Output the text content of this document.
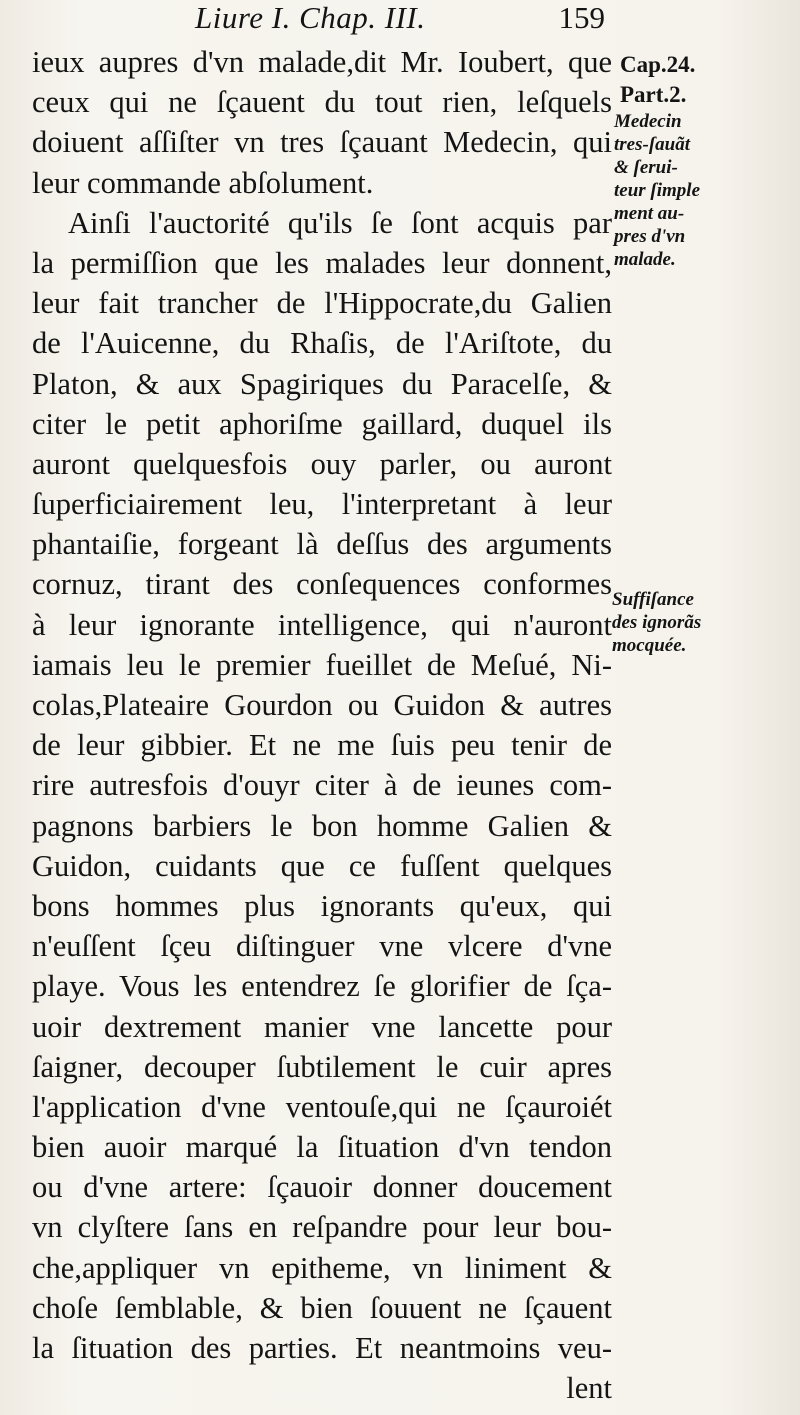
Liure I. Chap. III.	159
Cap.24.
Part.2.
Medecin
tres-ſauãt
& ſerui-
teur ſimple
ment au-
pres d'vn
malade.
Suffiſance
des ignorãs
mocquée.
ieux aupres d'vn malade,dit Mr. Ioubert, que
ceux qui ne ſçauent du tout rien, leſquels
doiuent aſſiſter vn tres ſçauant Medecin, qui
leur commande abſolument.
Ainſi l'auctorité qu'ils ſe ſont acquis par
la permiſſion que les malades leur donnent,
leur fait trancher de l'Hippocrate,du Galien
de l'Auicenne, du Rhaſis, de l'Ariſtote, du
Platon, & aux Spagiriques du Paracelſe, &
citer le petit aphoriſme gaillard, duquel ils
auront quelquesfois ouy parler, ou auront
ſuperficiairement leu, l'interpretant à leur
phantaiſie, forgeant là deſſus des arguments
cornuz, tirant des conſequences conformes
à leur ignorante intelligence, qui n'auront
iamais leu le premier fueillet de Meſué, Ni-
colas,Plateaire Gourdon ou Guidon & autres
de leur gibbier. Et ne me ſuis peu tenir de
rire autresfois d'ouyr citer à de ieunes com-
pagnons barbiers le bon homme Galien &
Guidon, cuidants que ce fuſſent quelques
bons hommes plus ignorants qu'eux, qui
n'euſſent ſçeu diſtinguer vne vlcere d'vne
playe. Vous les entendrez ſe glorifier de ſça-
uoir dextrement manier vne lancette pour
ſaigner, decouper ſubtilement le cuir apres
l'application d'vne ventouſe,qui ne ſçauroiét
bien auoir marqué la ſituation d'vn tendon
ou d'vne artere: ſçauoir donner doucement
vn clyſtere ſans en reſpandre pour leur bou-
che,appliquer vn epitheme, vn liniment &
choſe ſemblable, & bien ſouuent ne ſçauent
la ſituation des parties. Et neantmoins veu-
lent
